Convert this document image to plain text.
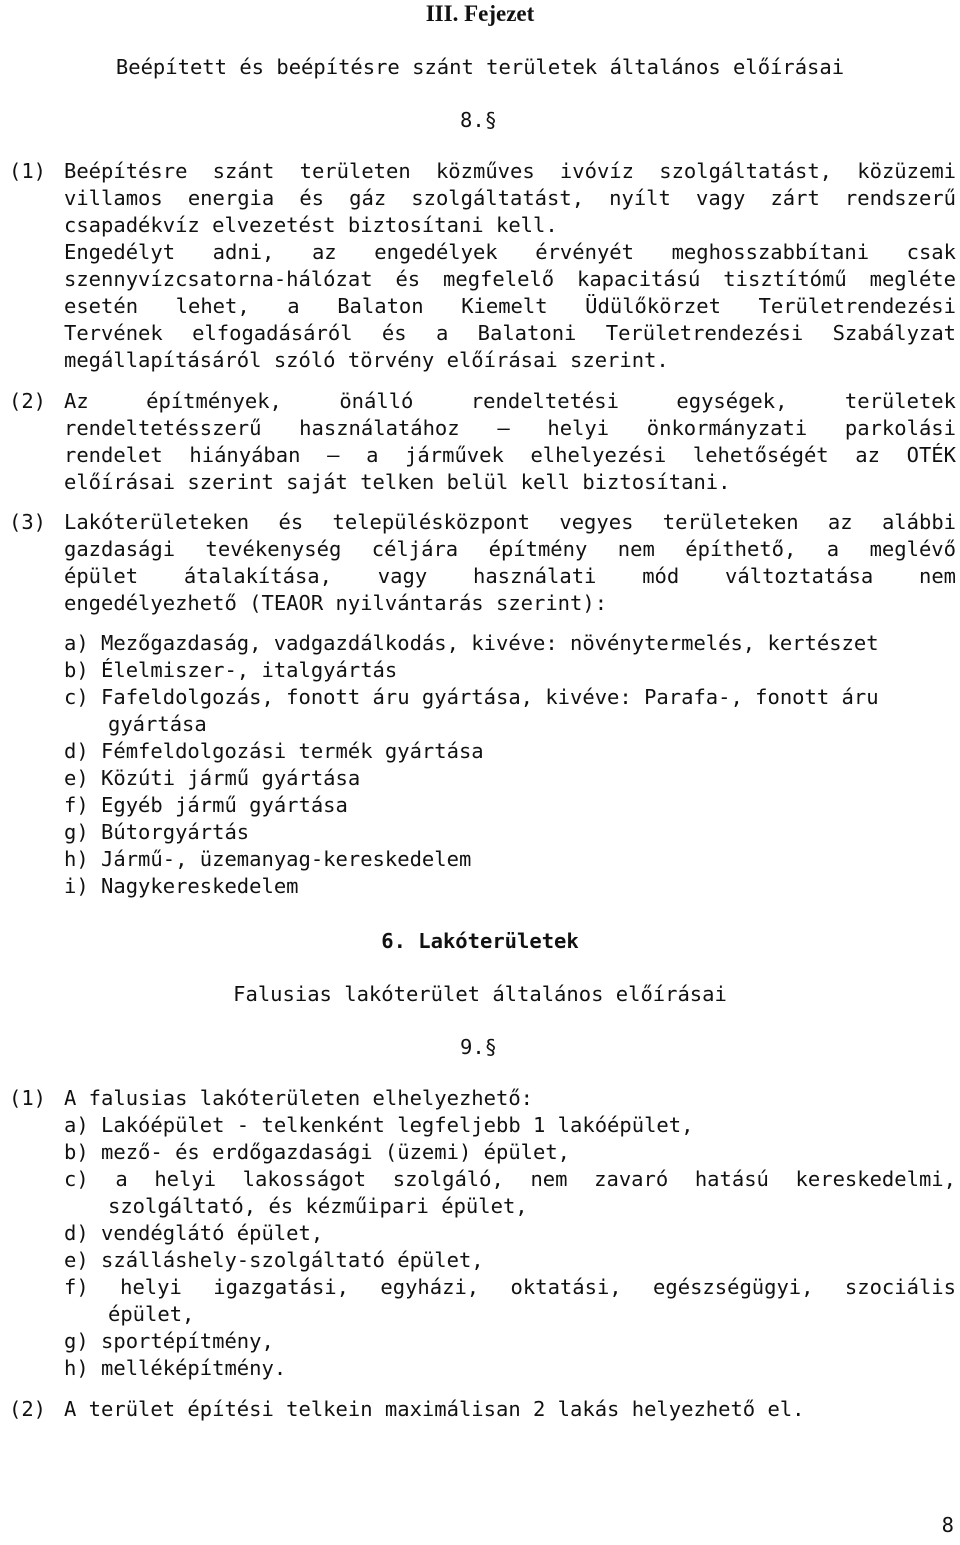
III. Fejezet
Beépített és beépítésre szánt területek általános előírásai
8.§
(1) Beépítésre szánt területen közműves ivóvíz szolgáltatást, közüzemi
villamos energia és gáz szolgáltatást, nyílt vagy zárt rendszerű
csapadékvíz elvezetést biztosítani kell.
Engedélyt adni, az engedélyek érvényét meghosszabbítani csak
szennyvízcsatorna-hálózat és megfelelő kapacitású tisztítómű megléte
esetén lehet, a Balaton Kiemelt Üdülőkörzet Területrendezési
Tervének elfogadásáról és a Balatoni Területrendezési Szabályzat
megállapításáról szóló törvény előírásai szerint.
(2) Az építmények, önálló rendeltetési egységek, területek
rendeltetésszerű használatához – helyi önkormányzati parkolási
rendelet hiányában – a járművek elhelyezési lehetőségét az OTÉK
előírásai szerint saját telken belül kell biztosítani.
(3) Lakóterületeken és településközpont vegyes területeken az alábbi
gazdasági tevékenység céljára építmény nem építhető, a meglévő
épület átalakítása, vagy használati mód változtatása nem
engedélyezhető (TEAOR nyilvántarás szerint):
a) Mezőgazdaság, vadgazdálkodás, kivéve: növénytermelés, kertészet
b) Élelmiszer-, italgyártás
c) Fafeldolgozás, fonott áru gyártása, kivéve: Parafa-, fonott áru
gyártása
d) Fémfeldolgozási termék gyártása
e) Közúti jármű gyártása
f) Egyéb jármű gyártása
g) Bútorgyártás
h) Jármű-, üzemanyag-kereskedelem
i) Nagykereskedelem
6. Lakóterületek
Falusias lakóterület általános előírásai
9.§
(1) A falusias lakóterületen elhelyezhető:
a) Lakóépület - telkenként legfeljebb 1 lakóépület,
b) mező- és erdőgazdasági (üzemi) épület,
c) a helyi lakosságot szolgáló, nem zavaró hatású kereskedelmi,
szolgáltató, és kézműipari épület,
d) vendéglátó épület,
e) szálláshely-szolgáltató épület,
f) helyi igazgatási, egyházi, oktatási, egészségügyi, szociális
épület,
g) sportépítmény,
h) melléképítmény.
(2) A terület építési telkein maximálisan 2 lakás helyezhető el.
8
